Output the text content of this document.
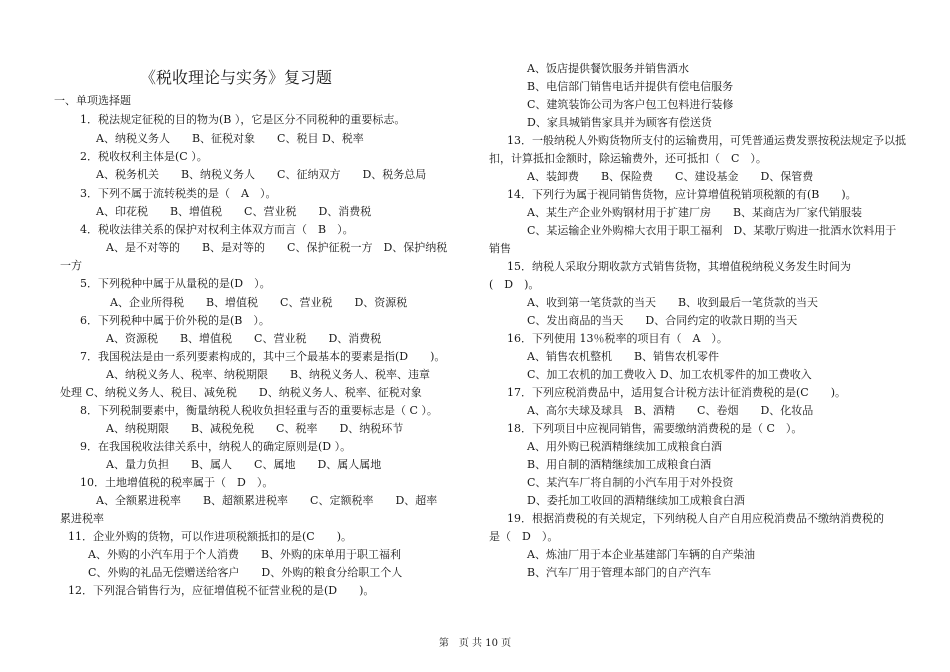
《税收理论与实务》复习题
一、单项选择题
1．税法规定征税的目的物为(B ），它是区分不同税种的重要标志。
A、纳税义务人　　B、征税对象　　C、税目 D、税率
2．税收权利主体是(C ）。
A、税务机关　　B、纳税义务人　　C、征纳双方　　D、税务总局
3．下列不属于流转税类的是（　A　）。
A、印花税　　B、增值税　　C、营业税　　D、消费税
4．税收法律关系的保护对权利主体双方而言（　B　）。
A、是不对等的　　B、是对等的　　C、保护征税一方　D、保护纳税
一方
5．下列税种中属于从量税的是(D　）。
A、企业所得税　　B、增值税　　C、营业税　　D、资源税
6．下列税种中属于价外税的是(B　）。
A、资源税　　B、增值税　　C、营业税　　D、消费税
7．我国税法是由一系列要素构成的，其中三个最基本的要素是指(D　　)。
A、纳税义务人、税率、纳税期限　　B、纳税义务人、税率、违章
处理 C、纳税义务人、税目、减免税　　D、纳税义务人、税率、征税对象
8．下列税制要素中，衡量纳税人税收负担轻重与否的重要标志是（ C ）。
A、纳税期限　　B、减税免税　　C、税率　　D、纳税环节
9．在我国税收法律关系中，纳税人的确定原则是(D ）。
A、量力负担　　B、属人　　C、属地　　D、属人属地
10．土地增值税的税率属于（　D　）。
A、全额累进税率　　B、超额累进税率　　C、定额税率　　D、超率
累进税率
11．企业外购的货物，可以作进项税额抵扣的是(C　　)。
A、外购的小汽车用于个人消费　　B、外购的床单用于职工福利
C、外购的礼品无偿赠送给客户　　D、外购的粮食分给职工个人
12．下列混合销售行为，应征增值税不征营业税的是(D　　)。
A、饭店提供餐饮服务并销售酒水
B、电信部门销售电话并提供有偿电信服务
C、建筑装饰公司为客户包工包料进行装修
D、家具城销售家具并为顾客有偿送货
13．一般纳税人外购货物所支付的运输费用，可凭普通运费发票按税法规定予以抵
扣，计算抵扣金额时，除运输费外，还可抵扣（　C　）。
A、装卸费　　B、保险费　　C、建设基金　　D、保管费
14．下列行为属于视同销售货物，应计算增值税销项税额的有(B　　)。
A、某生产企业外购钢材用于扩建厂房　　B、某商店为厂家代销服装
C、某运输企业外购棉大衣用于职工福利　D、某歌厅购进一批酒水饮料用于
销售
15．纳税人采取分期收款方式销售货物，其增值税纳税义务发生时间为
(　D　)。
A、收到第一笔货款的当天　　B、收到最后一笔货款的当天
C、发出商品的当天　　D、合同约定的收款日期的当天
16．下列使用 13％税率的项目有（　A　）。
A、销售农机整机　　B、销售农机零件
C、加工农机的加工费收入 D、加工农机零件的加工费收入
17．下列应税消费品中，适用复合计税方法计征消费税的是(C　　)。
A、高尔夫球及球具　B、酒精　　C、卷烟　　D、化妆品
18．下列项目中应视同销售，需要缴纳消费税的是（ C　）。
A、用外购已税酒精继续加工成粮食白酒
B、用自制的酒精继续加工成粮食白酒
C、某汽车厂将自制的小汽车用于对外投资
D、委托加工收回的酒精继续加工成粮食白酒
19．根据消费税的有关规定，下列纳税人自产自用应税消费品不缴纳消费税的
是（　D　）。
A、炼油厂用于本企业基建部门车辆的自产柴油
B、汽车厂用于管理本部门的自产汽车
第　页 共 10 页
